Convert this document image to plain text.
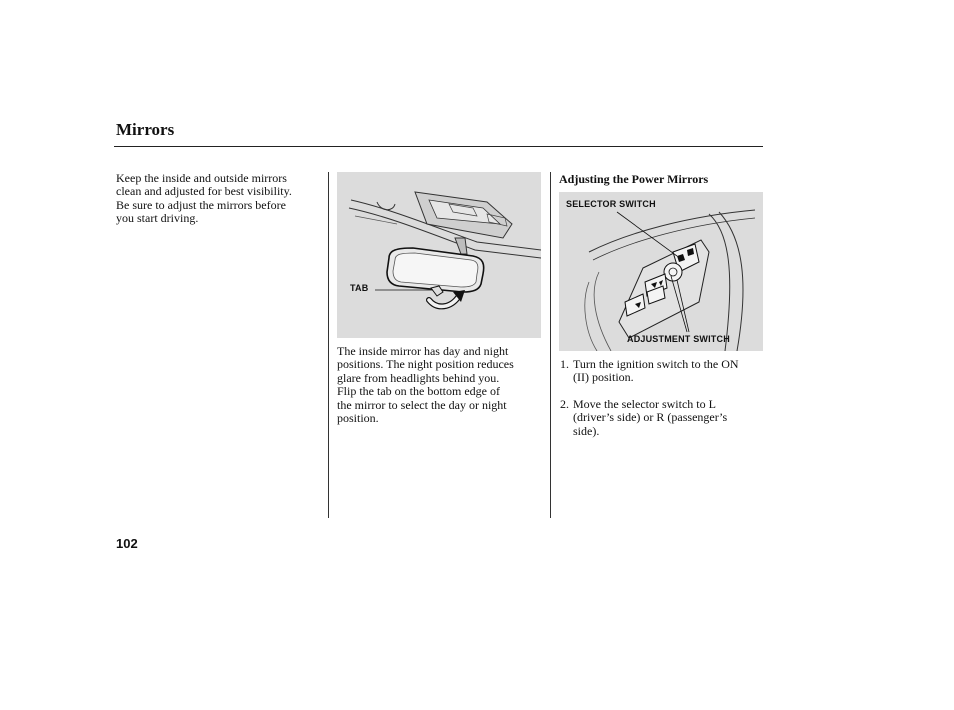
Mirrors
Keep the inside and outside mirrors
clean and adjusted for best visibility.
Be sure to adjust the mirrors before
you start driving.
TAB
The inside mirror has day and night
positions. The night position reduces
glare from headlights behind you.
Flip the tab on the bottom edge of
the mirror to select the day or night
position.
Adjusting the Power Mirrors
SELECTOR SWITCH
ADJUSTMENT SWITCH
1. Turn the ignition switch to the ON
(II) position.
2. Move the selector switch to L
(driver’s side) or R (passenger’s
side).
102
